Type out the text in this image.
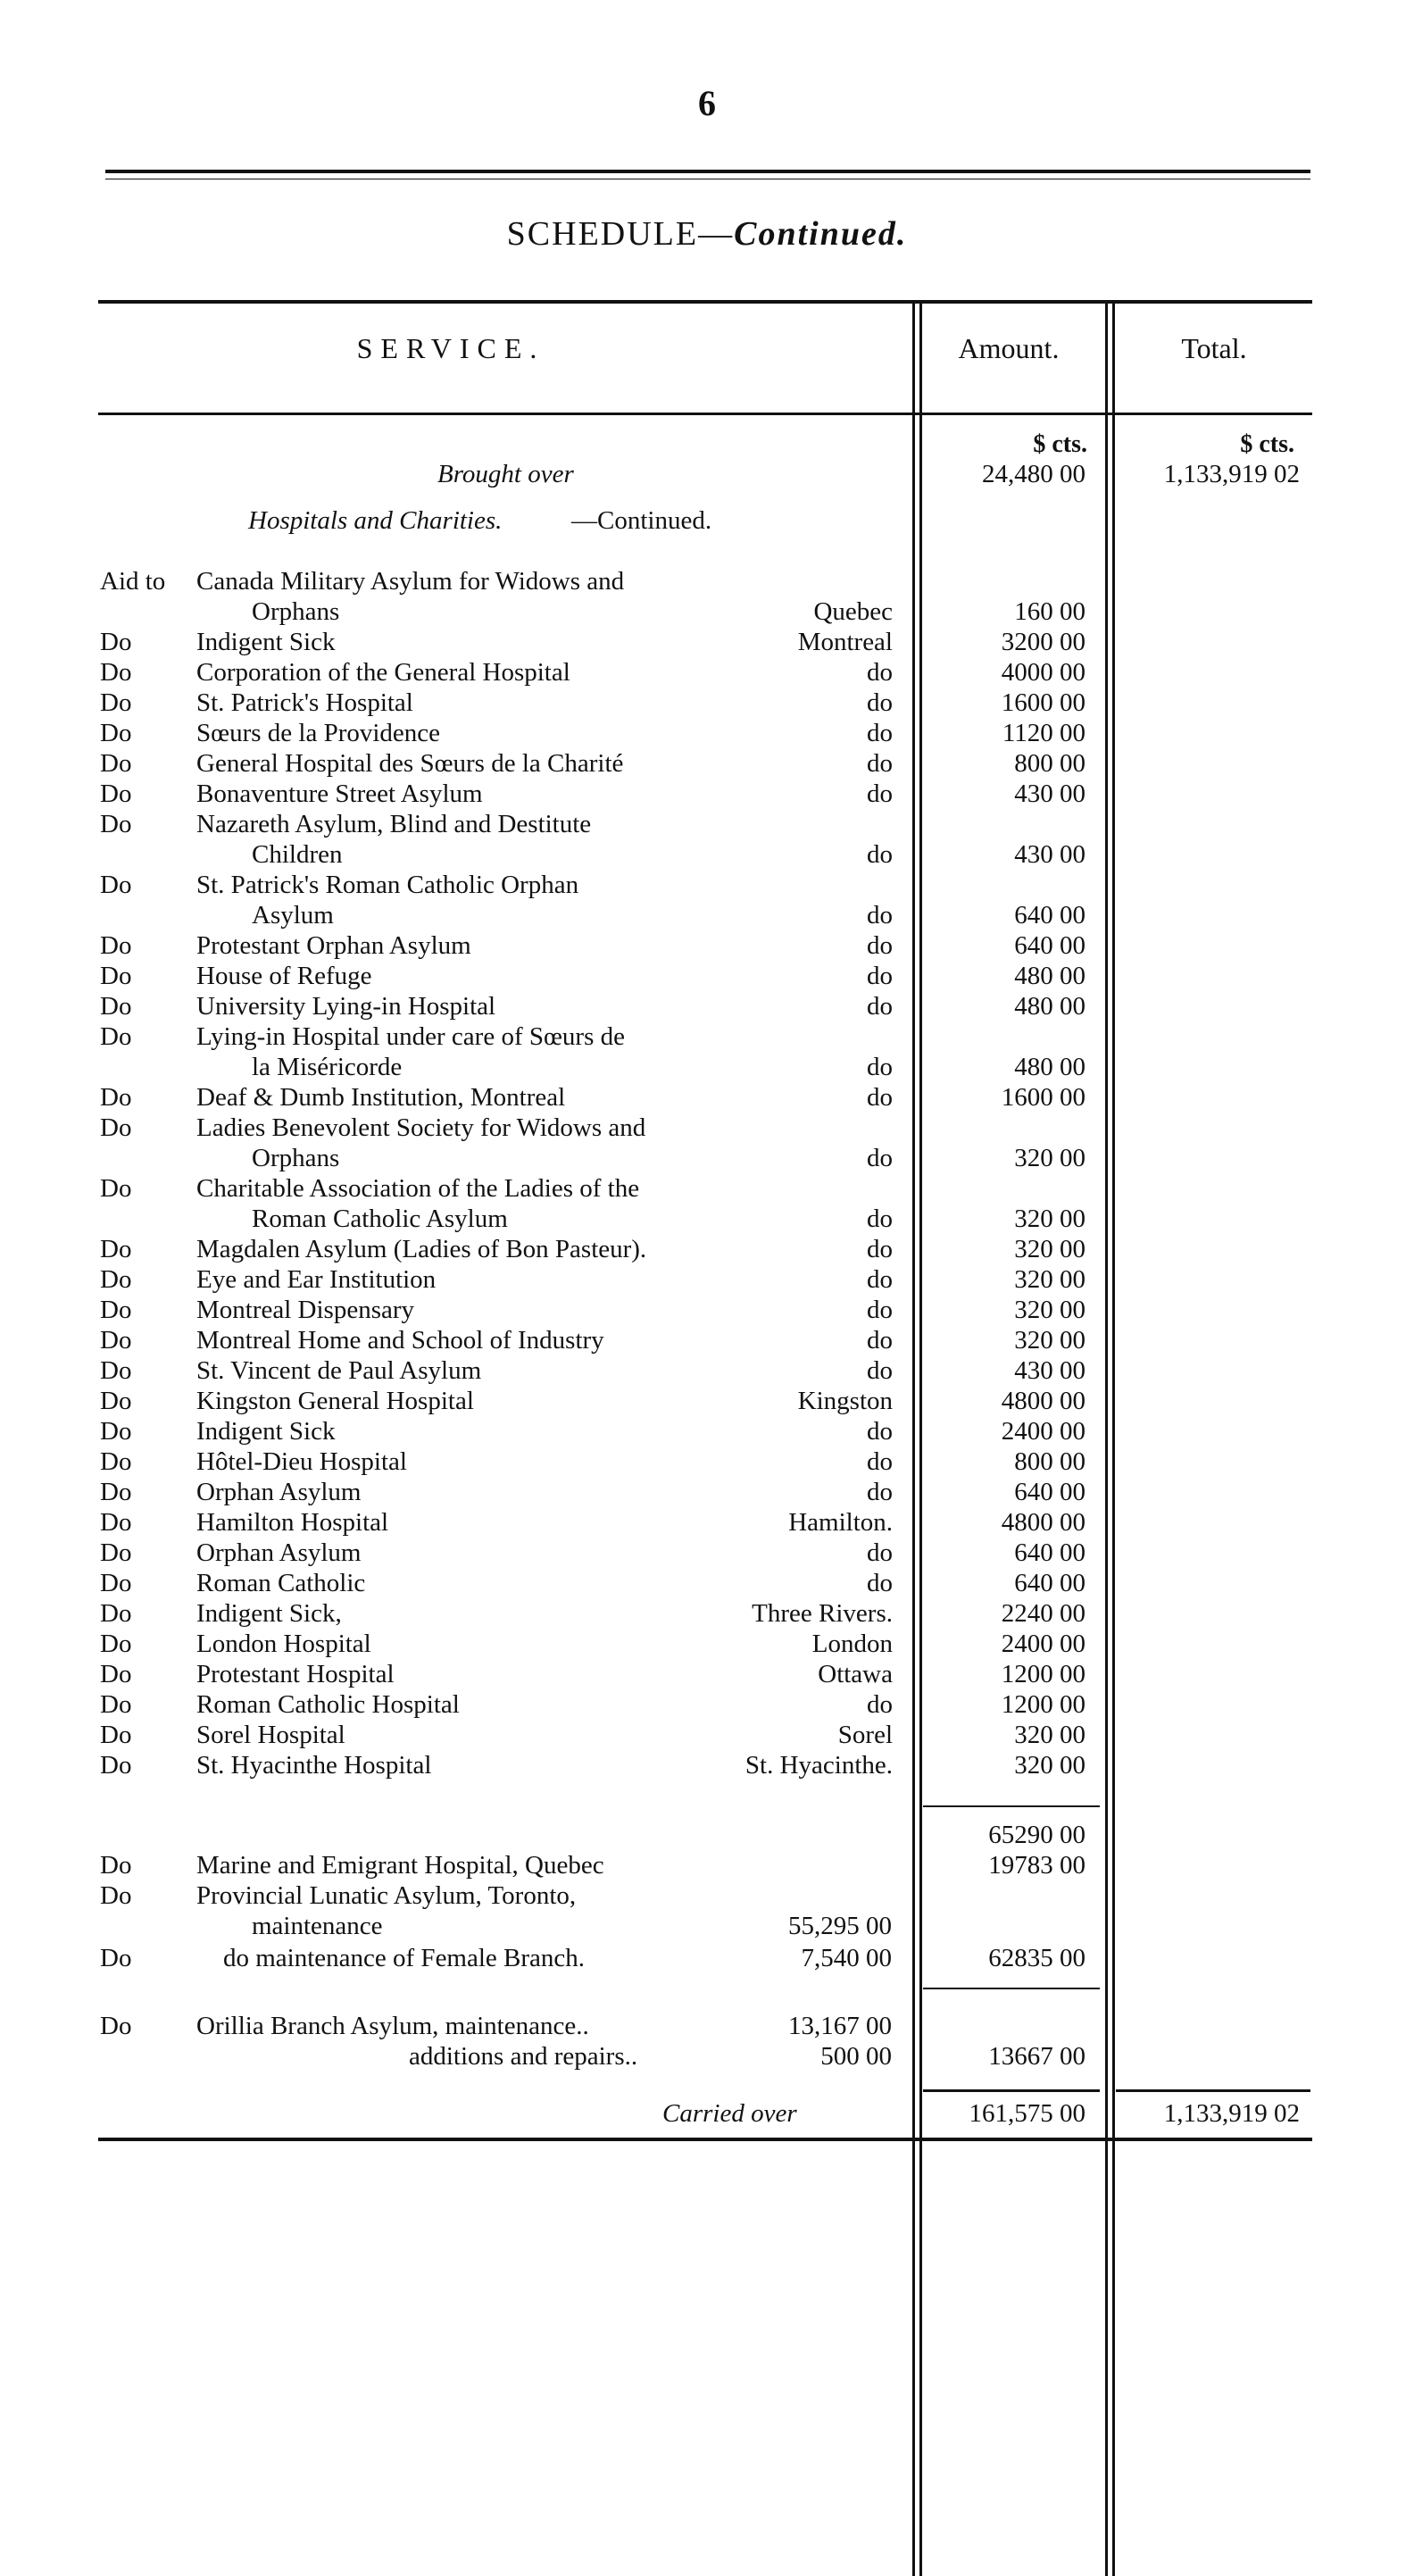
6
SCHEDULE—Continued.
SERVICE.	Amount.	Total.
$ cts.	$ cts.
Brought over	24,480 00	1,133,919 02
Hospitals and Charities.	—Continued.
Aid to Canada Military Asylum for Widows and
Orphans	Quebec	160 00
Do	Indigent Sick	Montreal	3200 00
Do	Corporation of the General Hospital	do	4000 00
Do	St. Patrick's Hospital	do	1600 00
Do	Sœurs de la Providence	do	1120 00
Do	General Hospital des Sœurs de la Charité	do	800 00
Do	Bonaventure Street Asylum	do	430 00
Do	Nazareth Asylum, Blind and Destitute
Children	do	430 00
Do	St. Patrick's Roman Catholic Orphan
Asylum	do	640 00
Do	Protestant Orphan Asylum	do	640 00
Do	House of Refuge	do	480 00
Do	University Lying-in Hospital	do	480 00
Do	Lying-in Hospital under care of Sœurs de
la Miséricorde	do	480 00
Do	Deaf & Dumb Institution, Montreal	do	1600 00
Do	Ladies Benevolent Society for Widows and
Orphans	do	320 00
Do	Charitable Association of the Ladies of the
Roman Catholic Asylum	do	320 00
Do	Magdalen Asylum (Ladies of Bon Pasteur).	do	320 00
Do	Eye and Ear Institution	do	320 00
Do	Montreal Dispensary	do	320 00
Do	Montreal Home and School of Industry	do	320 00
Do	St. Vincent de Paul Asylum	do	430 00
Do	Kingston General Hospital	Kingston	4800 00
Do	Indigent Sick	do	2400 00
Do	Hôtel-Dieu Hospital	do	800 00
Do	Orphan Asylum	do	640 00
Do	Hamilton Hospital	Hamilton.	4800 00
Do	Orphan Asylum	do	640 00
Do	Roman Catholic	do	640 00
Do	Indigent Sick,	Three Rivers.	2240 00
Do	London Hospital	London	2400 00
Do	Protestant Hospital	Ottawa	1200 00
Do	Roman Catholic Hospital	do	1200 00
Do	Sorel Hospital	Sorel	320 00
Do	St. Hyacinthe Hospital	St. Hyacinthe.	320 00
65290 00
Do	Marine and Emigrant Hospital, Quebec	19783 00
Do	Provincial Lunatic Asylum, Toronto,
maintenance	55,295 00
Do	do maintenance of Female Branch.	7,540 00	62835 00
Do	Orillia Branch Asylum, maintenance..	13,167 00
additions and repairs..	500 00	13667 00
Carried over	161,575 00	1,133,919 02
